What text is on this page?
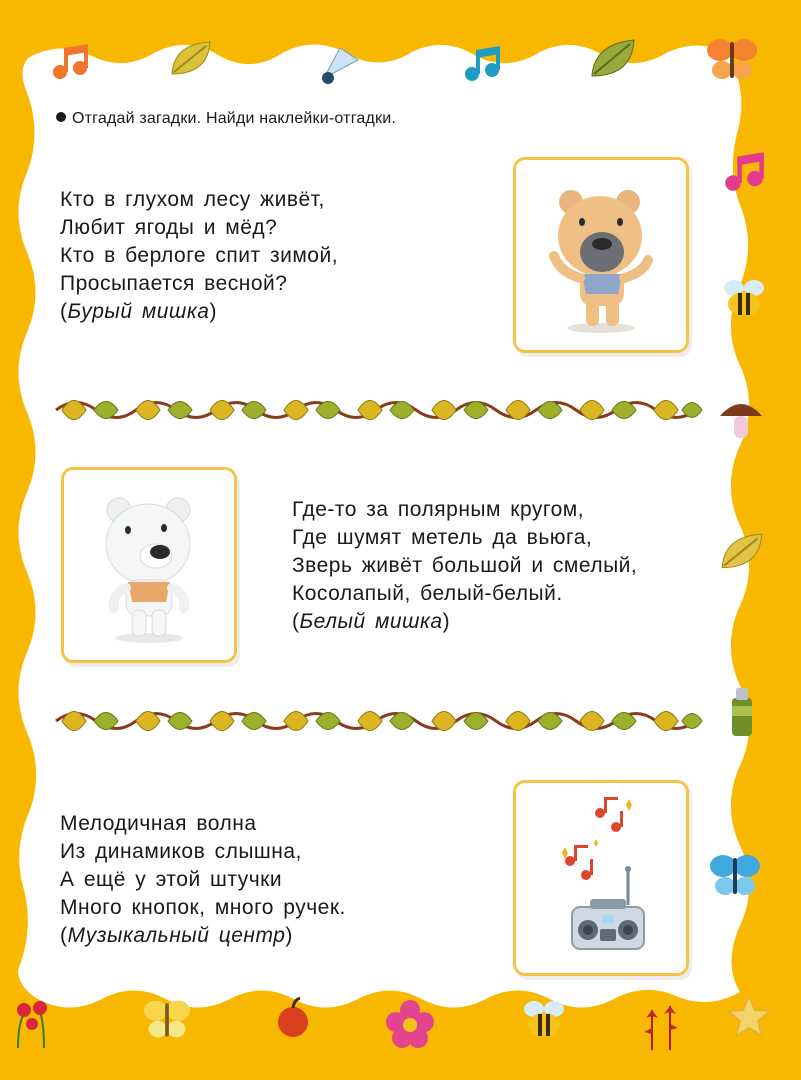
Отгадай загадки. Найди наклейки-отгадки.
Кто в глухом лесу живёт,
Любит ягоды и мёд?
Кто в берлоге спит зимой,
Просыпается весной?
(Бурый мишка)
Где-то за полярным кругом,
Где шумят метель да вьюга,
Зверь живёт большой и смелый,
Косолапый, белый-белый.
(Белый мишка)
Мелодичная волна
Из динамиков слышна,
А ещё у этой штучки
Много кнопок, много ручек.
(Музыкальный центр)
